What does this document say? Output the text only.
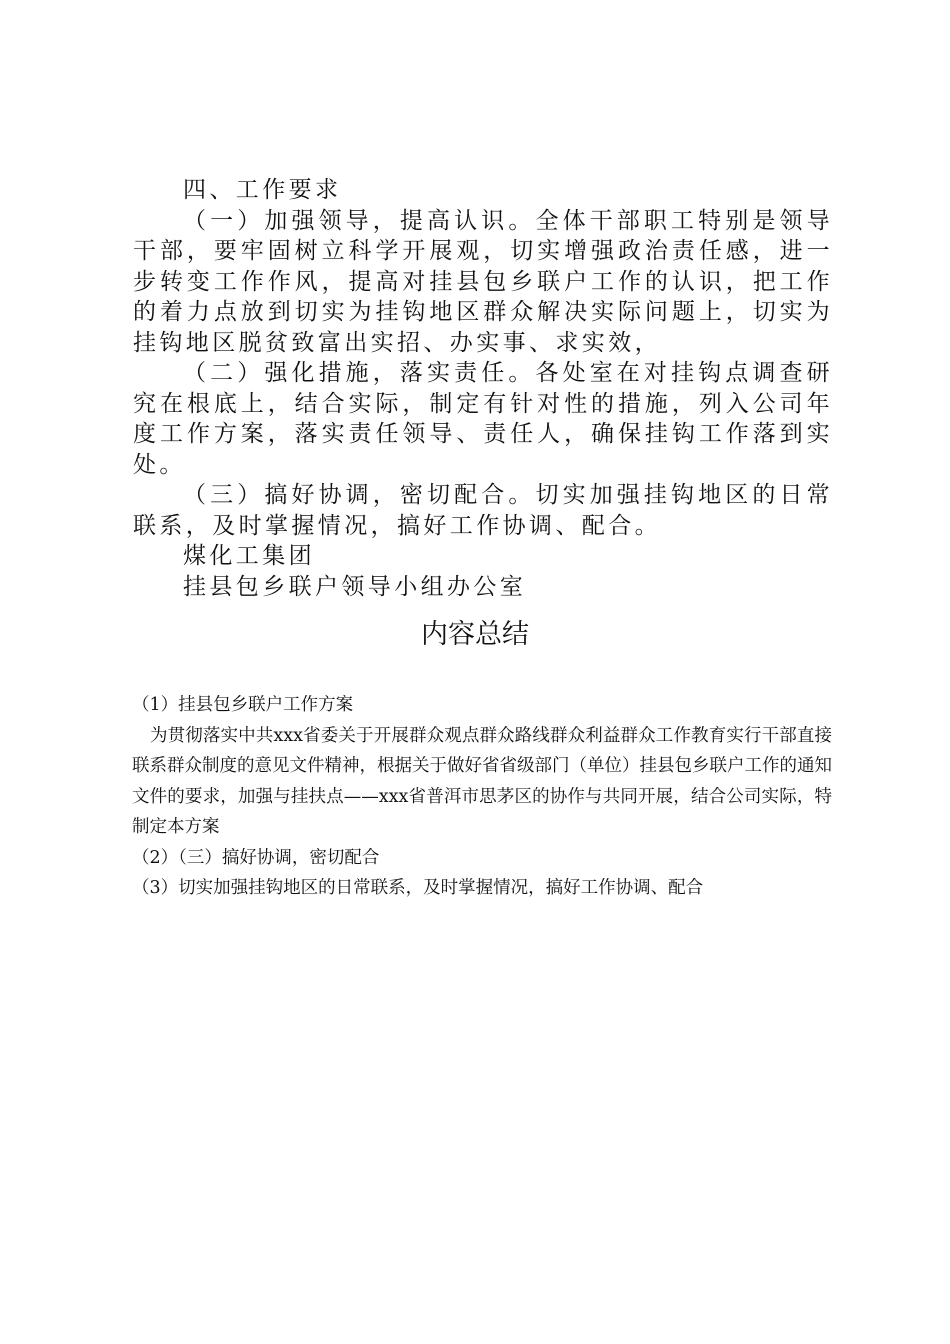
四、工作要求

（一）加强领导，提高认识。全体干部职工特别是领导干部，要牢固树立科学开展观，切实增强政治责任感，进一步转变工作作风，提高对挂县包乡联户工作的认识，把工作的着力点放到切实为挂钩地区群众解决实际问题上，切实为挂钩地区脱贫致富出实招、办实事、求实效，

（二）强化措施，落实责任。各处室在对挂钩点调查研究在根底上，结合实际，制定有针对性的措施，列入公司年度工作方案，落实责任领导、责任人，确保挂钩工作落到实处。

（三）搞好协调，密切配合。切实加强挂钩地区的日常联系，及时掌握情况，搞好工作协调、配合。

煤化工集团

挂县包乡联户领导小组办公室

内容总结

（1）挂县包乡联户工作方案

为贯彻落实中共xxx省委关于开展群众观点群众路线群众利益群众工作教育实行干部直接联系群众制度的意见文件精神，根据关于做好省省级部门（单位）挂县包乡联户工作的通知文件的要求，加强与挂扶点——xxx省普洱市思茅区的协作与共同开展，结合公司实际，特制定本方案

（2）（三）搞好协调，密切配合

（3）切实加强挂钩地区的日常联系，及时掌握情况，搞好工作协调、配合
